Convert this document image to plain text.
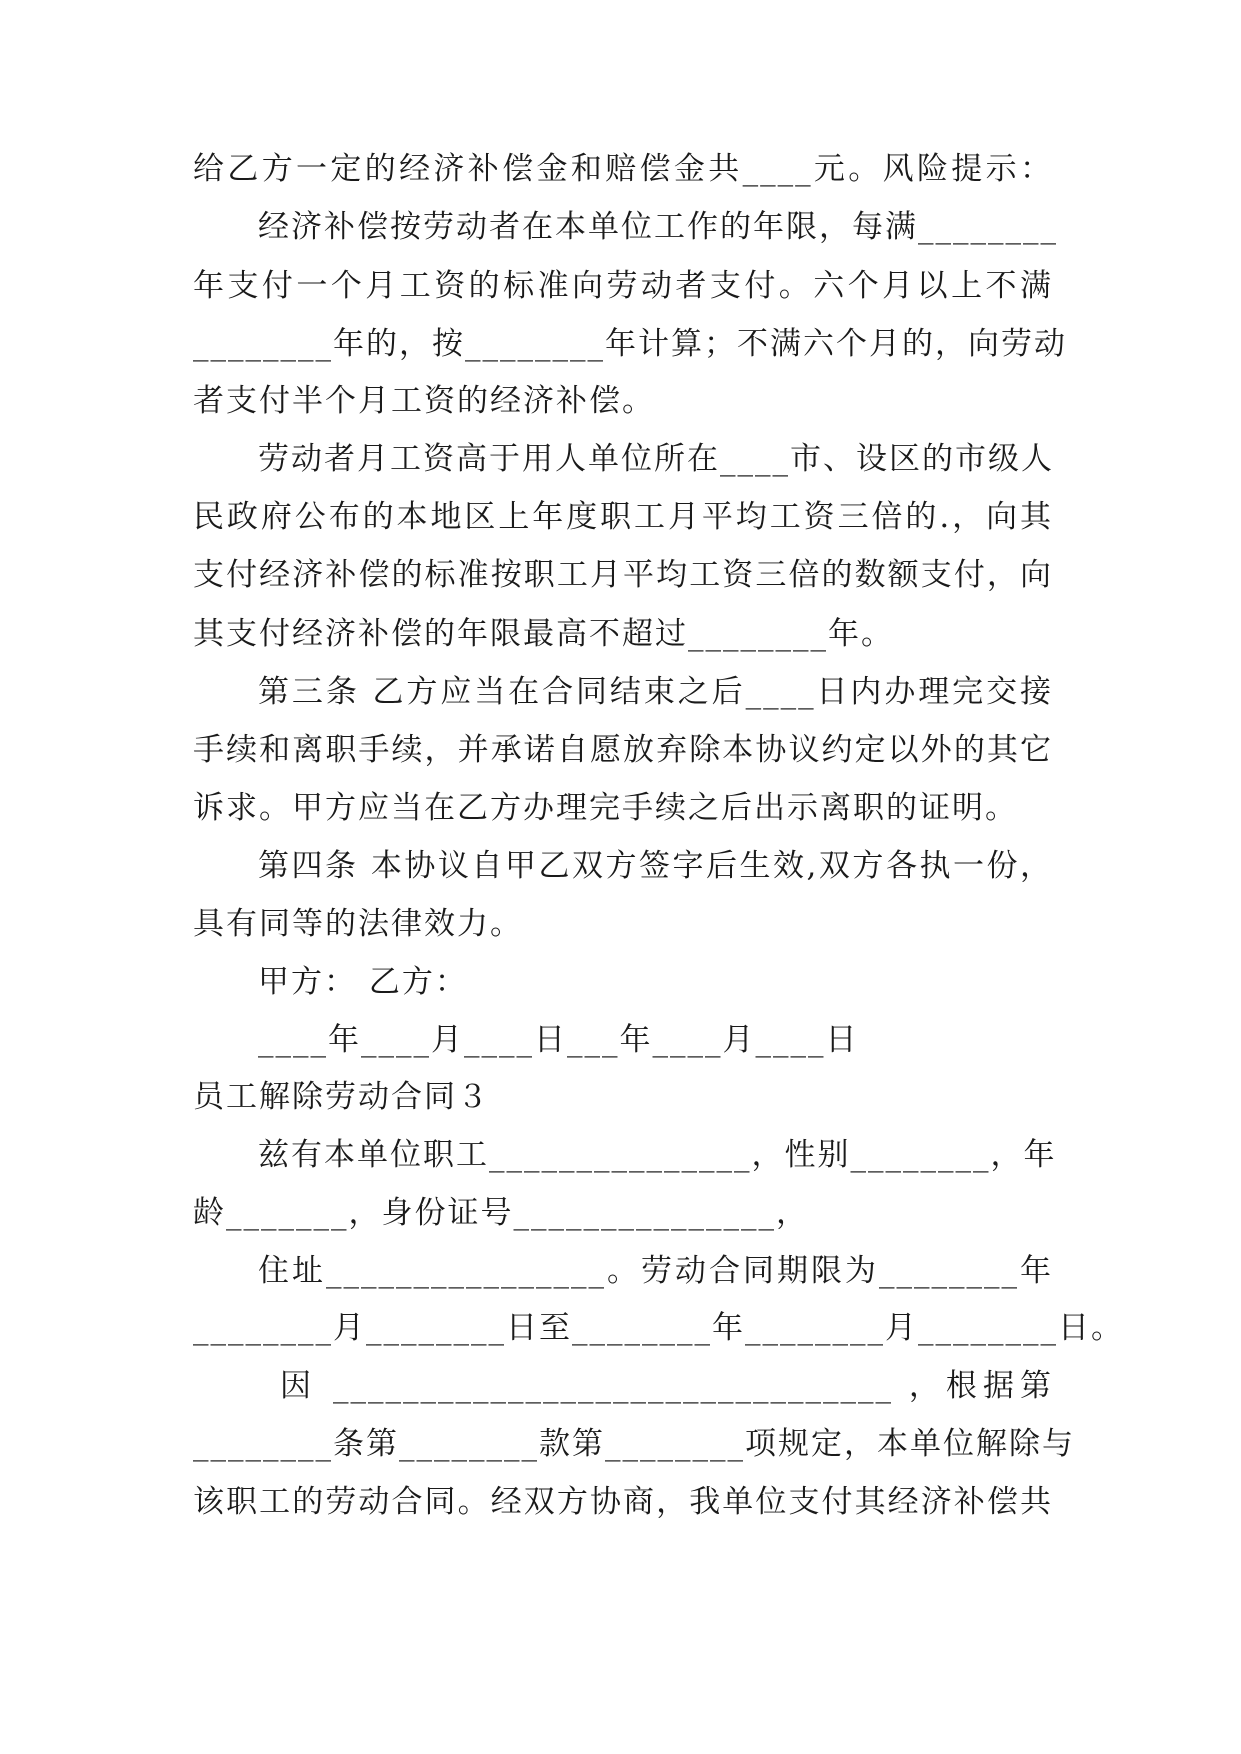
给乙方一定的经济补偿金和赔偿金共____元。风险提示：
经济补偿按劳动者在本单位工作的年限，每满________
年支付一个月工资的标准向劳动者支付。六个月以上不满
________年的，按________年计算；不满六个月的，向劳动
者支付半个月工资的经济补偿。
劳动者月工资高于用人单位所在____市、设区的市级人
民政府公布的本地区上年度职工月平均工资三倍的.，向其
支付经济补偿的标准按职工月平均工资三倍的数额支付，向
其支付经济补偿的年限最高不超过________年。
第三条 乙方应当在合同结束之后____日内办理完交接
手续和离职手续，并承诺自愿放弃除本协议约定以外的其它
诉求。甲方应当在乙方办理完手续之后出示离职的证明。
第四条 本协议自甲乙双方签字后生效,双方各执一份，
具有同等的法律效力。
甲方： 乙方：
____年____月____日___年____月____日
员工解除劳动合同３
兹有本单位职工_______________，性别________，年
龄_______，身份证号_______________，
住址________________。劳动合同期限为________年
________月________日至________年________月________日。
因 ________________________________ ，根据第
________条第________款第________项规定，本单位解除与
该职工的劳动合同。经双方协商，我单位支付其经济补偿共
